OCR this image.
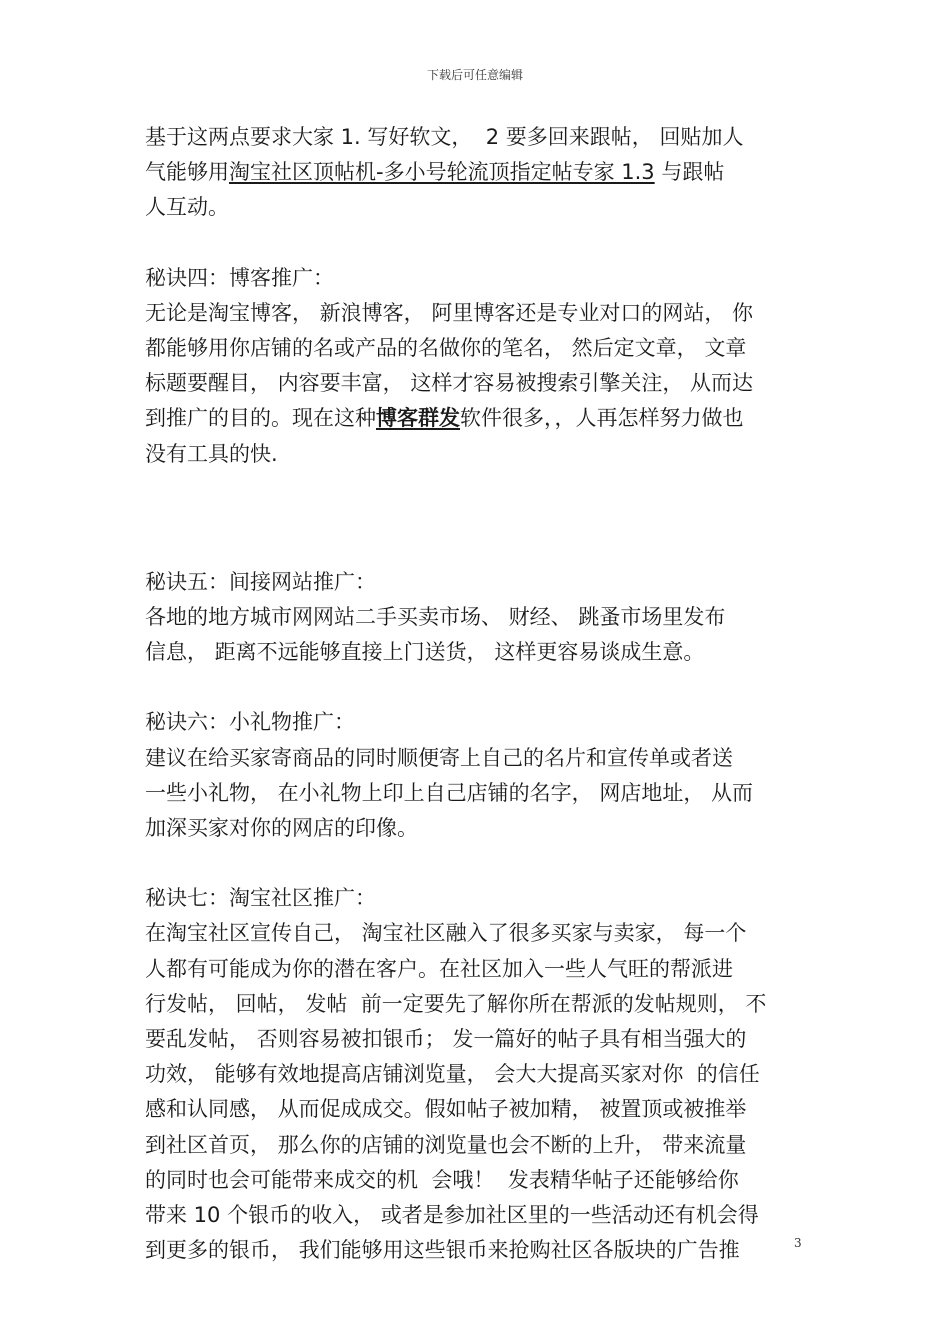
下载后可任意编辑
基于这两点要求大家 1. 写好软文，  2 要多回来跟帖， 回贴加人
气能够用淘宝社区顶帖机-多小号轮流顶指定帖专家 1.3 与跟帖
人互动。
秘诀四：博客推广：
无论是淘宝博客， 新浪博客， 阿里博客还是专业对口的网站， 你
都能够用你店铺的名或产品的名做你的笔名， 然后定文章， 文章
标题要醒目， 内容要丰富， 这样才容易被搜索引擎关注， 从而达
到推广的目的。现在这种博客群发软件很多，，人再怎样努力做也
没有工具的快.
秘诀五：间接网站推广：
各地的地方城市网网站二手买卖市场、 财经、 跳蚤市场里发布
信息， 距离不远能够直接上门送货， 这样更容易谈成生意。
秘诀六：小礼物推广：
建议在给买家寄商品的同时顺便寄上自己的名片和宣传单或者送
一些小礼物， 在小礼物上印上自己店铺的名字， 网店地址， 从而
加深买家对你的网店的印像。
秘诀七：淘宝社区推广：
在淘宝社区宣传自己， 淘宝社区融入了很多买家与卖家， 每一个
人都有可能成为你的潜在客户。在社区加入一些人气旺的帮派进
行发帖， 回帖， 发帖  前一定要先了解你所在帮派的发帖规则， 不
要乱发帖， 否则容易被扣银币； 发一篇好的帖子具有相当强大的
功效， 能够有效地提高店铺浏览量， 会大大提高买家对你  的信任
感和认同感， 从而促成成交。假如帖子被加精， 被置顶或被推举
到社区首页， 那么你的店铺的浏览量也会不断的上升， 带来流量
的同时也会可能带来成交的机  会哦！  发表精华帖子还能够给你
带来 10 个银币的收入， 或者是参加社区里的一些活动还有机会得
到更多的银币， 我们能够用这些银币来抢购社区各版块的广告推	3
